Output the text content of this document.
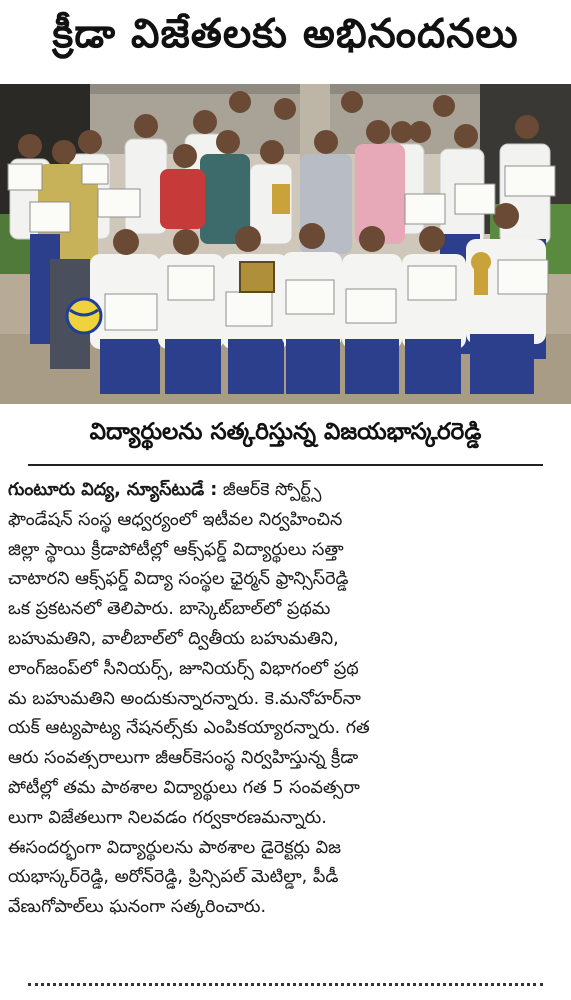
క్రీడా విజేతలకు అభినందనలు
విద్యార్థులను సత్కరిస్తున్న విజయభాస్కరరెడ్డి

గుంటూరు విద్య, న్యూస్‌టుడే : జీఆర్‌కె స్పోర్ట్స్

ఫౌండేషన్ సంస్థ ఆధ్వర్యంలో ఇటీవల నిర్వహించిన

జిల్లా స్థాయి క్రీడాపోటీల్లో ఆక్స్‌ఫర్డ్ విద్యార్థులు సత్తా

చాటారని ఆక్స్‌ఫర్డ్ విద్యా సంస్థల ఛైర్మన్ ఫ్రాన్సిస్‌రెడ్డి

ఒక ప్రకటనలో తెలిపారు. బాస్కెట్‌బాల్‌లో ప్రథమ

బహుమతిని, వాలీబాల్‌లో ద్వితీయ బహుమతిని,

లాంగ్‌జంప్‌లో సీనియర్స్, జూనియర్స్ విభాగంలో ప్రథ

మ బహుమతిని అందుకున్నారన్నారు. కె.మనోహర్‌నా

యక్ ఆట్యపాట్య నేషనల్స్‌కు ఎంపికయ్యారన్నారు. గత

ఆరు సంవత్సరాలుగా జీఆర్‌కెసంస్థ నిర్వహిస్తున్న క్రీడా

పోటీల్లో తమ పాఠశాల విద్యార్థులు గత 5 సంవత్సరా

లుగా విజేతలుగా నిలవడం గర్వకారణమన్నారు.

ఈసందర్భంగా విద్యార్థులను పాఠశాల డైరెక్టర్లు విజ

యభాస్కర్‌రెడ్డి, అరోన్‌రెడ్డి, ప్రిన్సిపల్ మెటిల్డా, పీడీ

వేణుగోపాల్‌లు ఘనంగా సత్కరించారు.
